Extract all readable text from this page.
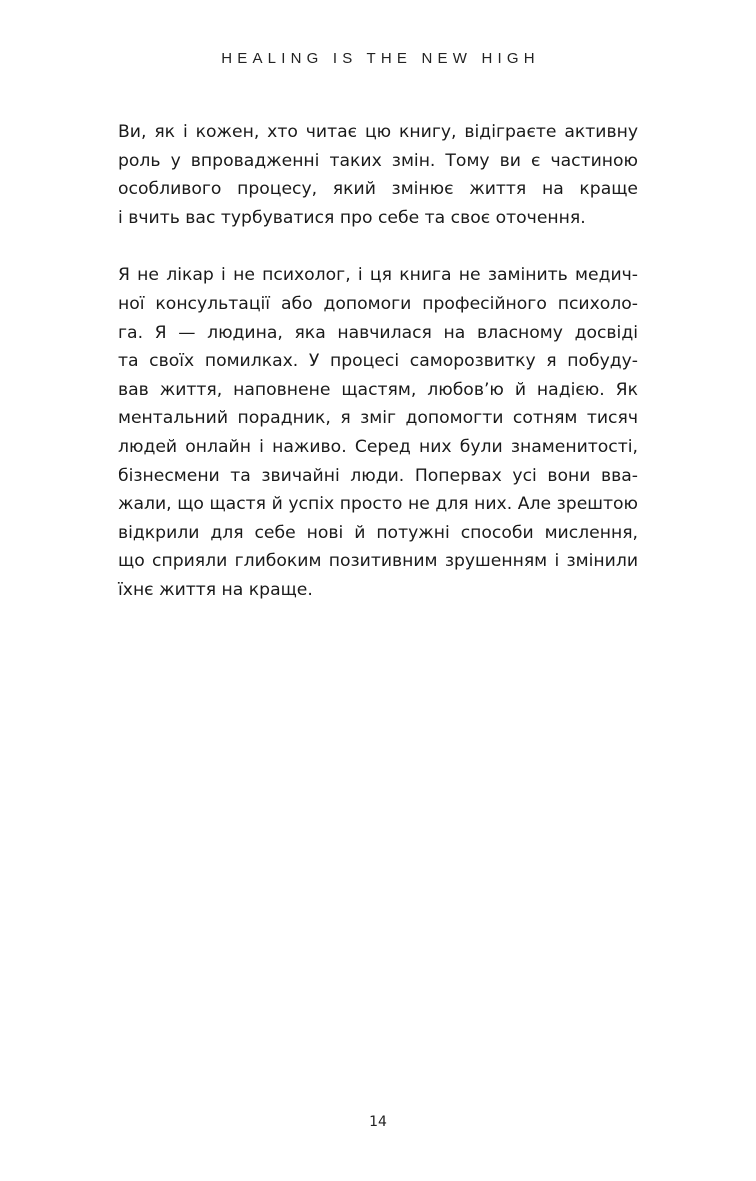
HEALING IS THE NEW HIGH

Ви, як і кожен, хто читає цю книгу, відіграєте активну
роль у впровадженні таких змін. Тому ви є частиною
особливого процесу, який змінює життя на краще
і вчить вас турбуватися про себе та своє оточення.

Я не лікар і не психолог, і ця книга не замінить медич-
ної консультації або допомоги професійного психоло-
га. Я — людина, яка навчилася на власному досвіді
та своїх помилках. У процесі саморозвитку я побуду-
вав життя, наповнене щастям, любов’ю й надією. Як
ментальний порадник, я зміг допомогти сотням тисяч
людей онлайн і наживо. Серед них були знаменитості,
бізнесмени та звичайні люди. Поперваx усі вони вва-
жали, що щастя й успіх просто не для них. Але зрештою
відкрили для себе нові й потужні способи мислення,
що сприяли глибоким позитивним зрушенням і змінили
їхнє життя на краще.

14
